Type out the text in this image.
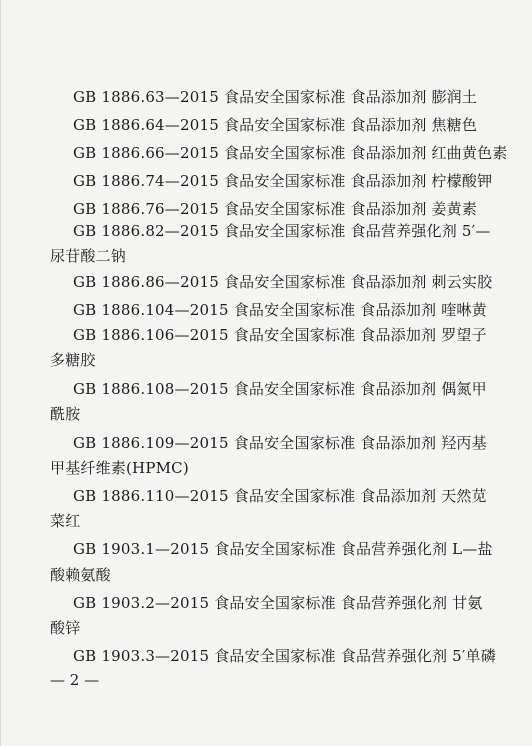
GB 1886.63—2015 食品安全国家标准 食品添加剂 膨润土
GB 1886.64—2015 食品安全国家标准 食品添加剂 焦糖色
GB 1886.66—2015 食品安全国家标准 食品添加剂 红曲黄色素
GB 1886.74—2015 食品安全国家标准 食品添加剂 柠檬酸钾
GB 1886.76—2015 食品安全国家标准 食品添加剂 姜黄素
GB 1886.82—2015 食品安全国家标准 食品营养强化剂 5′—
尿苷酸二钠
GB 1886.86—2015 食品安全国家标准 食品添加剂 刺云实胶
GB 1886.104—2015 食品安全国家标准 食品添加剂 喹啉黄
GB 1886.106—2015 食品安全国家标准 食品添加剂 罗望子
多糖胶
GB 1886.108—2015 食品安全国家标准 食品添加剂 偶氮甲
酰胺
GB 1886.109—2015 食品安全国家标准 食品添加剂 羟丙基
甲基纤维素(HPMC)
GB 1886.110—2015 食品安全国家标准 食品添加剂 天然苋
菜红
GB 1903.1—2015 食品安全国家标准 食品营养强化剂 L—盐
酸赖氨酸
GB 1903.2—2015 食品安全国家标准 食品营养强化剂 甘氨
酸锌
GB 1903.3—2015 食品安全国家标准 食品营养强化剂 5′单磷
— 2 —
